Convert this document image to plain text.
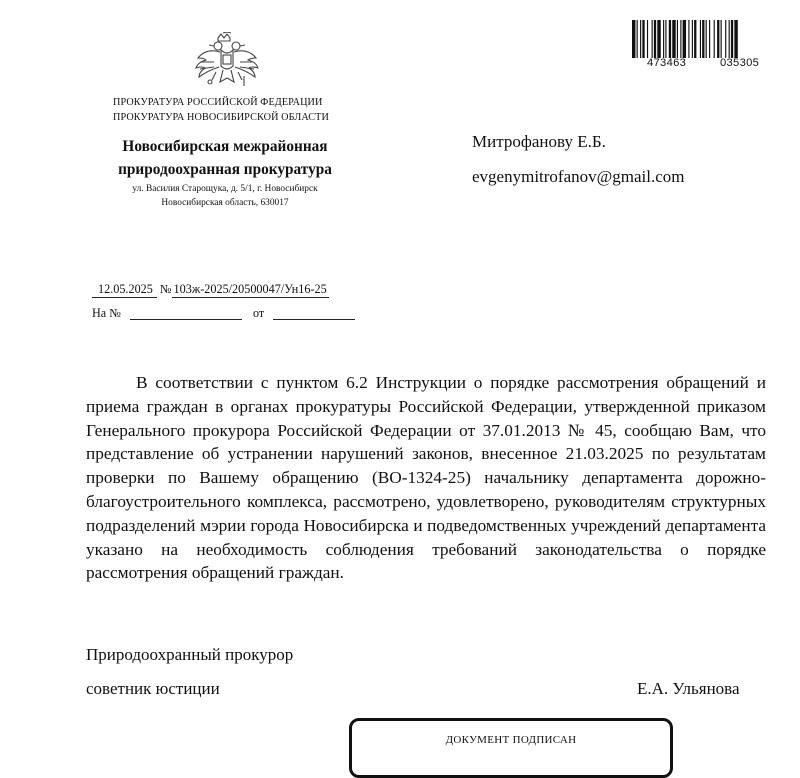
ПРОКУРАТУРА РОССИЙСКОЙ ФЕДЕРАЦИИ
ПРОКУРАТУРА НОВОСИБИРСКОЙ ОБЛАСТИ
Новосибирская межрайонная
природоохранная прокуратура
ул. Василия Старощука, д. 5/1, г. Новосибирск
Новосибирская область, 630017
473463	035305
Митрофанову Е.Б.
evgenymitrofanov@gmail.com
12.05.2025 № 103ж-2025/20500047/Ун16-25
На №	от
В соответствии с пунктом 6.2 Инструкции о порядке рассмотрения обращений и приема граждан в органах прокуратуры Российской Федерации, утвержденной приказом Генерального прокурора Российской Федерации от 37.01.2013 № 45, сообщаю Вам, что представление об устранении нарушений законов, внесенное 21.03.2025 по результатам проверки по Вашему обращению (ВО-1324-25) начальнику департамента дорожно-благоустроительного комплекса, рассмотрено, удовлетворено, руководителям структурных подразделений мэрии города Новосибирска и подведомственных учреждений департамента указано на необходимость соблюдения требований законодательства о порядке рассмотрения обращений граждан.
Природоохранный прокурор
советник юстиции	Е.А. Ульянова
ДОКУМЕНТ ПОДПИСАН
